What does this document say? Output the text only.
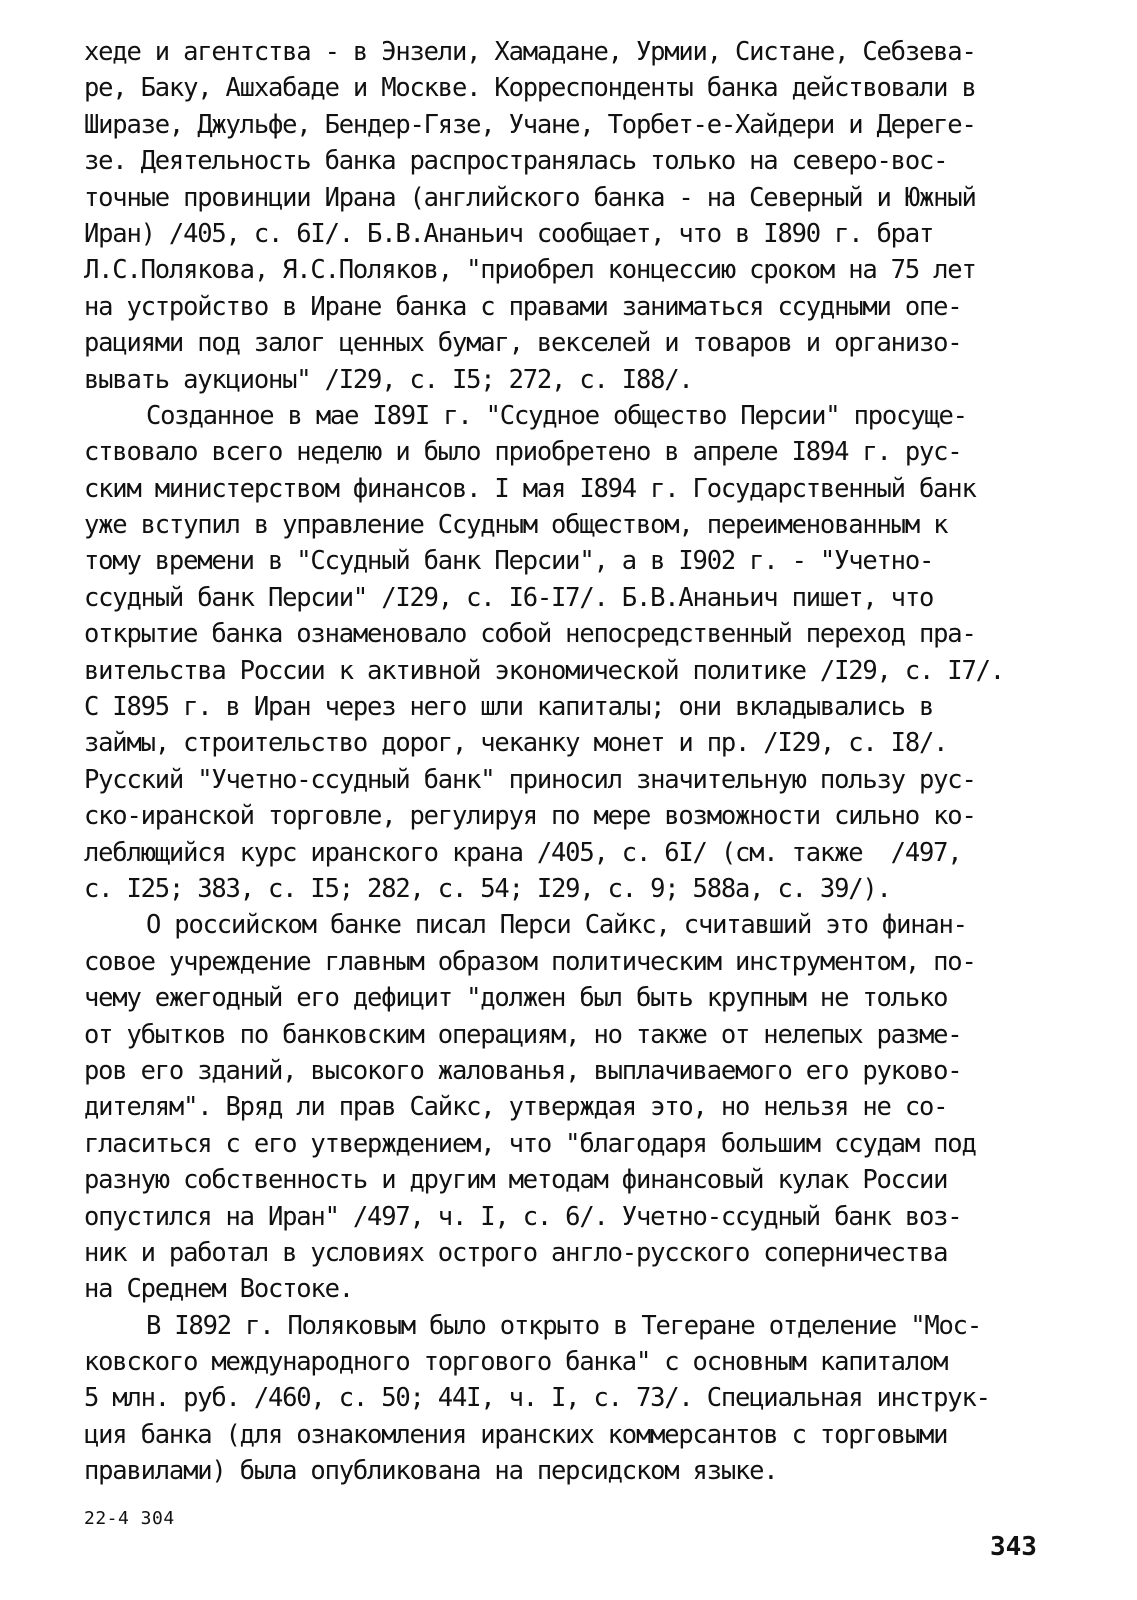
хеде и агентства - в Энзели, Хамадане, Урмии, Систане, Себзева-
ре, Баку, Ашхабаде и Москве. Корреспонденты банка действовали в
Ширазе, Джульфе, Бендер-Гязе, Учане, Торбет-е-Хайдери и Дерегe-
зе. Деятельность банка распространялась только на северо-вос-
точные провинции Ирана (английского банка - на Северный и Южный
Иран) /405, с. 6I/. Б.В.Ананьич сообщает, что в I890 г. брат
Л.С.Полякова, Я.С.Поляков, "приобрел концессию сроком на 75 лет
на устройство в Иране банка с правами заниматься ссудными опе-
рациями под залог ценных бумаг, векселей и товаров и организо-
вывать аукционы" /I29, с. I5; 272, с. I88/.
Созданное в мае I89I г. "Ссудное общество Персии" просуще-
ствовало всего неделю и было приобретено в апреле I894 г. рус-
ским министерством финансов. I мая I894 г. Государственный банк
уже вступил в управление Ссудным обществом, переименованным к
тому времени в "Ссудный банк Персии", а в I902 г. - "Учетно-
ссудный банк Персии" /I29, с. I6-I7/. Б.В.Ананьич пишет, что
открытие банка ознаменовало собой непосредственный переход пра-
вительства России к активной экономической политике /I29, с. I7/.
С I895 г. в Иран через него шли капиталы; они вкладывались в
займы, строительство дорог, чеканку монет и пр. /I29, с. I8/.
Русский "Учетно-ссудный банк" приносил значительную пользу рус-
ско-иранской торговле, регулируя по мере возможности сильно ко-
леблющийся курс иранского крана /405, с. 6I/ (см. также  /497,
с. I25; 383, с. I5; 282, с. 54; I29, с. 9; 588а, с. 39/).
О российском банке писал Перси Сайкс, считавший это финан-
совое учреждение главным образом политическим инструментом, по-
чему ежегодный его дефицит "должен был быть крупным не только
от убытков по банковским операциям, но также от нелепых разме-
ров его зданий, высокого жалованья, выплачиваемого его руково-
дителям". Вряд ли прав Сайкс, утверждая это, но нельзя не со-
гласиться с его утверждением, что "благодаря большим ссудам под
разную собственность и другим методам финансовый кулак России
опустился на Иран" /497, ч. I, с. 6/. Учетно-ссудный банк воз-
ник и работал в условиях острого англо-русского соперничества
на Среднем Востоке.
В I892 г. Поляковым было открыто в Тегеране отделение "Мос-
ковского международного торгового банка" с основным капиталом
5 млн. руб. /460, с. 50; 44I, ч. I, с. 73/. Специальная инструк-
ция банка (для ознакомления иранских коммерсантов с торговыми
правилами) была опубликована на персидском языке.
22-4 304
343
